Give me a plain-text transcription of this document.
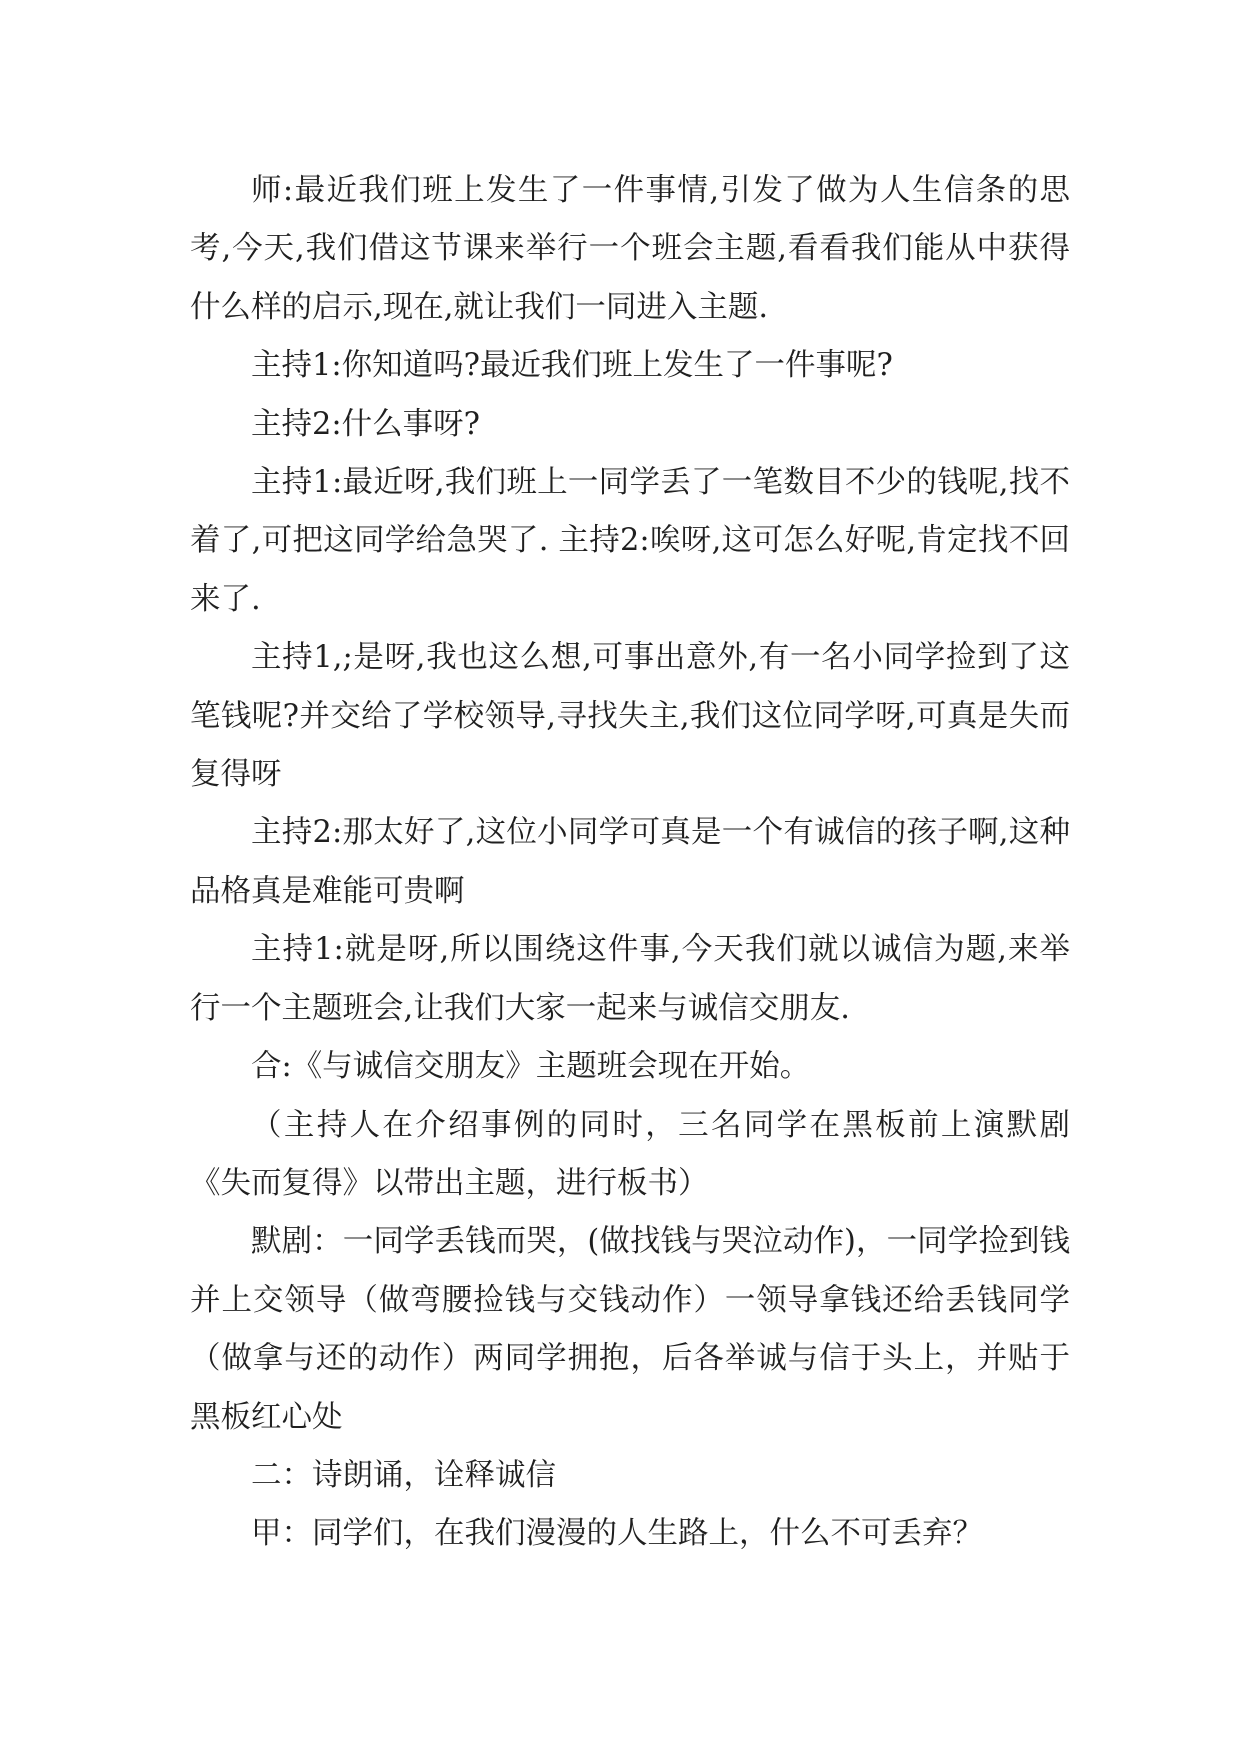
师:最近我们班上发生了一件事情,引发了做为人生信条的思考,今天,我们借这节课来举行一个班会主题,看看我们能从中获得什么样的启示,现在,就让我们一同进入主题.

主持1:你知道吗?最近我们班上发生了一件事呢?

主持2:什么事呀?

主持1:最近呀,我们班上一同学丢了一笔数目不少的钱呢,找不着了,可把这同学给急哭了. 主持2:唉呀,这可怎么好呢,肯定找不回来了.

主持1,;是呀,我也这么想,可事出意外,有一名小同学捡到了这笔钱呢?并交给了学校领导,寻找失主,我们这位同学呀,可真是失而复得呀

主持2:那太好了,这位小同学可真是一个有诚信的孩子啊,这种品格真是难能可贵啊

主持1:就是呀,所以围绕这件事,今天我们就以诚信为题,来举行一个主题班会,让我们大家一起来与诚信交朋友.

合:《与诚信交朋友》主题班会现在开始。

（主持人在介绍事例的同时，三名同学在黑板前上演默剧《失而复得》以带出主题，进行板书）

默剧：一同学丢钱而哭，(做找钱与哭泣动作)，一同学捡到钱并上交领导（做弯腰捡钱与交钱动作）一领导拿钱还给丢钱同学（做拿与还的动作）两同学拥抱，后各举诚与信于头上，并贴于黑板红心处

二：诗朗诵，诠释诚信

甲：同学们，在我们漫漫的人生路上，什么不可丢弃？
